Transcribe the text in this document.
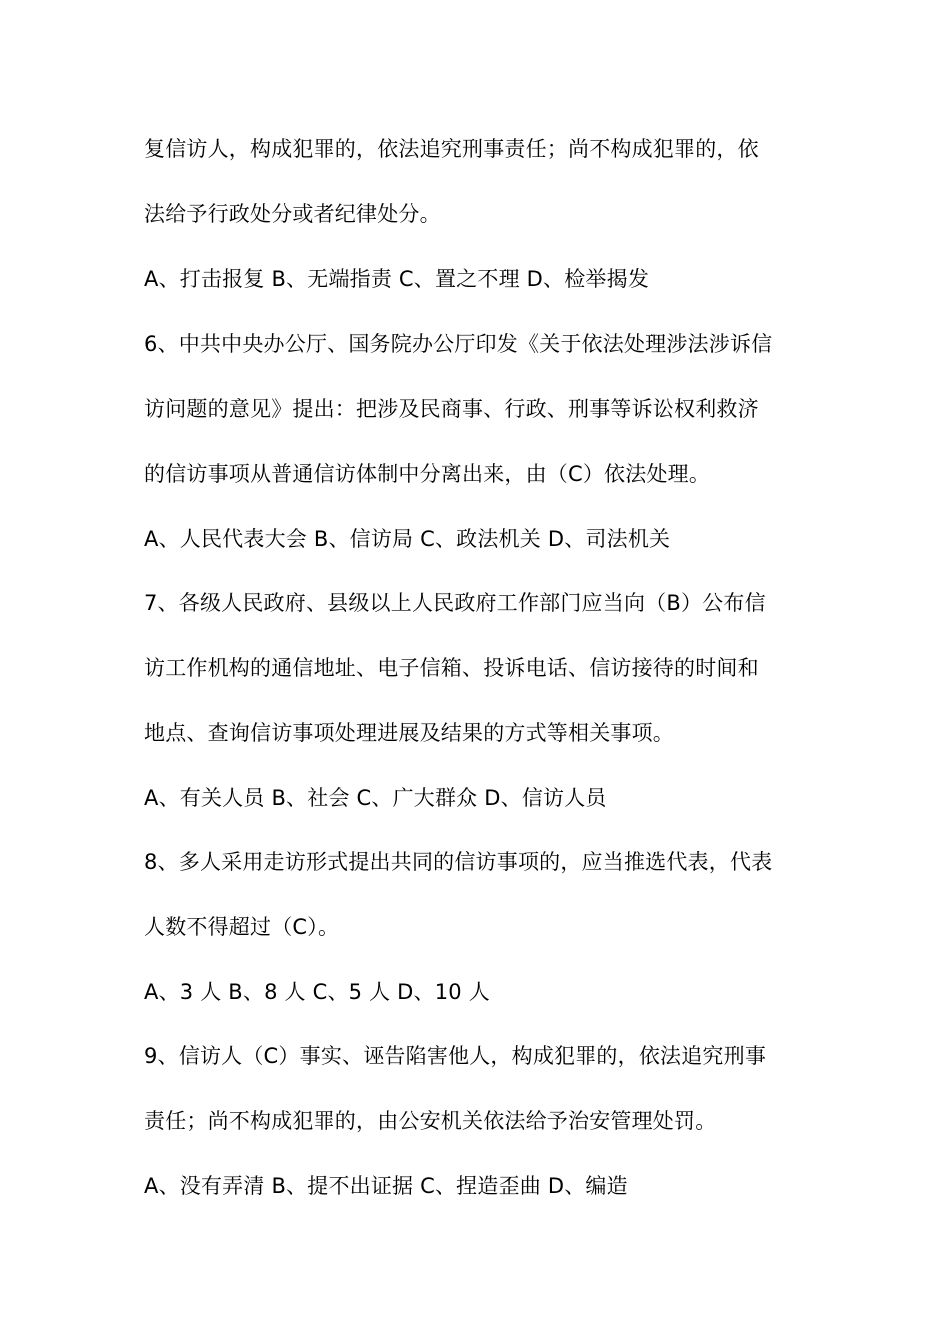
复信访人，构成犯罪的，依法追究刑事责任；尚不构成犯罪的，依
法给予行政处分或者纪律处分。
A、打击报复 B、无端指责 C、置之不理 D、检举揭发
6、中共中央办公厅、国务院办公厅印发《关于依法处理涉法涉诉信
访问题的意见》提出：把涉及民商事、行政、刑事等诉讼权利救济
的信访事项从普通信访体制中分离出来，由（C）依法处理。
A、人民代表大会 B、信访局 C、政法机关 D、司法机关
7、各级人民政府、县级以上人民政府工作部门应当向（B）公布信
访工作机构的通信地址、电子信箱、投诉电话、信访接待的时间和
地点、查询信访事项处理进展及结果的方式等相关事项。
A、有关人员 B、社会 C、广大群众 D、信访人员
8、多人采用走访形式提出共同的信访事项的，应当推选代表，代表
人数不得超过（C）。
A、3 人 B、8 人 C、5 人 D、10 人
9、信访人（C）事实、诬告陷害他人，构成犯罪的，依法追究刑事
责任；尚不构成犯罪的，由公安机关依法给予治安管理处罚。
A、没有弄清 B、提不出证据 C、捏造歪曲 D、编造
